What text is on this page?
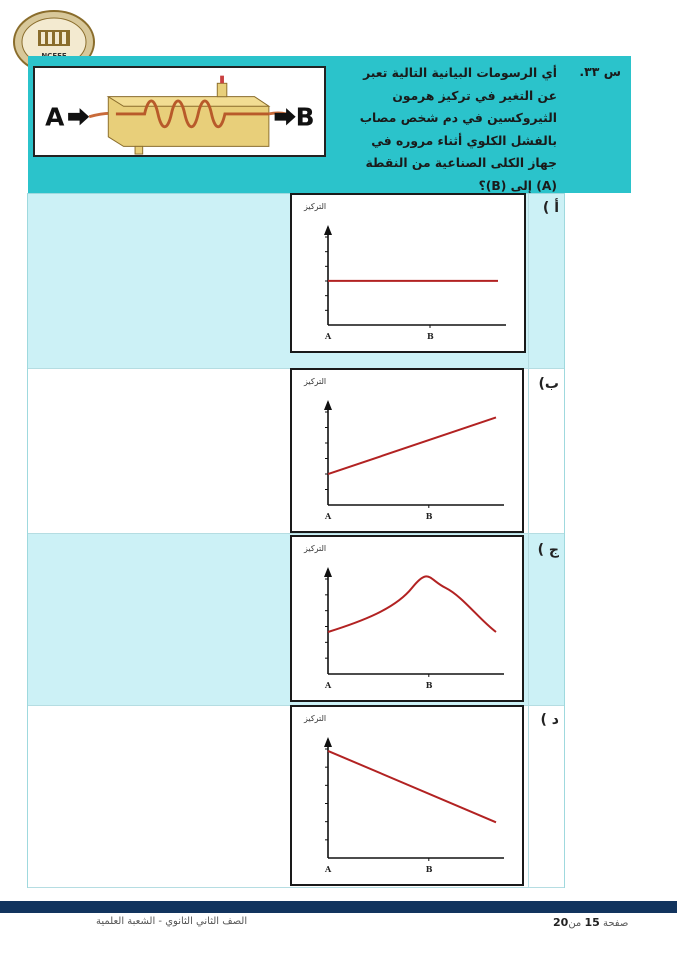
س ٣٣.
أي الرسومات البيانية التالية تعبر عن التغير في تركيز هرمون الثيروكسين في دم شخص مصاب بالفشل الكلوي أثناء مروره في جهاز الكلى الصناعية من النقطة (A) إلى (B)؟
A	B
أ )
ب)
ج )
د )
التركيز
A	B
التركيز
A	B
التركيز
A	B
التركيز
A	B
الصف الثاني الثانوي - الشعبة العلمية	صفحة 15 من20
